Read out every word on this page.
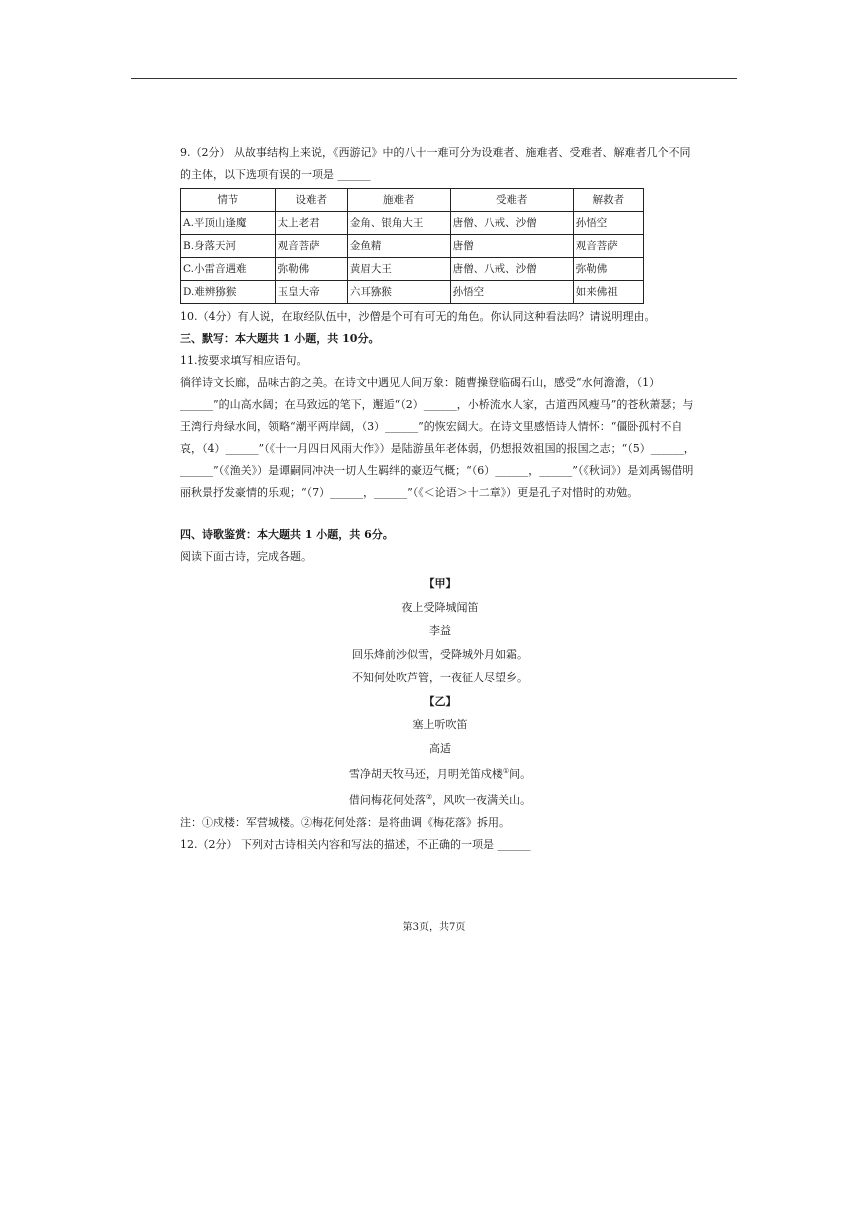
9.（2分） 从故事结构上来说，《西游记》中的八十一难可分为设难者、施难者、受难者、解难者几个不同的主体，以下选项有误的一项是 ______

情节	设难者	施难者	受难者	解救者
A.平顶山逢魔	太上老君	金角、银角大王	唐僧、八戒、沙僧	孙悟空
B.身落天河	观音菩萨	金鱼精	唐僧	观音菩萨
C.小雷音遇难	弥勒佛	黄眉大王	唐僧、八戒、沙僧	弥勒佛
D.难辨猕猴	玉皇大帝	六耳猕猴	孙悟空	如来佛祖

10.（4分）有人说，在取经队伍中，沙僧是个可有可无的角色。你认同这种看法吗？请说明理由。

三、默写：本大题共 1 小题，共 10分。

11.按要求填写相应语句。

徜徉诗文长廊，品味古韵之美。在诗文中遇见人间万象：随曹操登临碣石山，感受“水何澹澹，（1）______”的山高水阔；在马致远的笔下，邂逅“（2）______，小桥流水人家，古道西风瘦马”的苍秋萧瑟；与王湾行舟绿水间，领略“潮平两岸阔，（3）______”的恢宏阔大。在诗文里感悟诗人情怀：“僵卧孤村不自哀，（4）______”（《十一月四日风雨大作》）是陆游虽年老体弱，仍想报效祖国的报国之志；“（5）______，______”（《渔关》）是谭嗣同冲决一切人生羁绊的豪迈气概；“（6）______，______”（《秋词》）是刘禹锡借明丽秋景抒发豪情的乐观；“（7）______，______”（《＜论语＞十二章》）更是孔子对惜时的劝勉。

四、诗歌鉴赏：本大题共 1 小题，共 6分。

阅读下面古诗，完成各题。

【甲】
夜上受降城闻笛
李益
回乐烽前沙似雪，受降城外月如霜。
不知何处吹芦管，一夜征人尽望乡。
【乙】
塞上听吹笛
高适
雪净胡天牧马还，月明羌笛戍楼①间。
借问梅花何处落②，风吹一夜满关山。

注：①戍楼：军营城楼。②梅花何处落：是将曲调《梅花落》拆用。

12.（2分） 下列对古诗相关内容和写法的描述，不正确的一项是 ______

第3页，共7页
